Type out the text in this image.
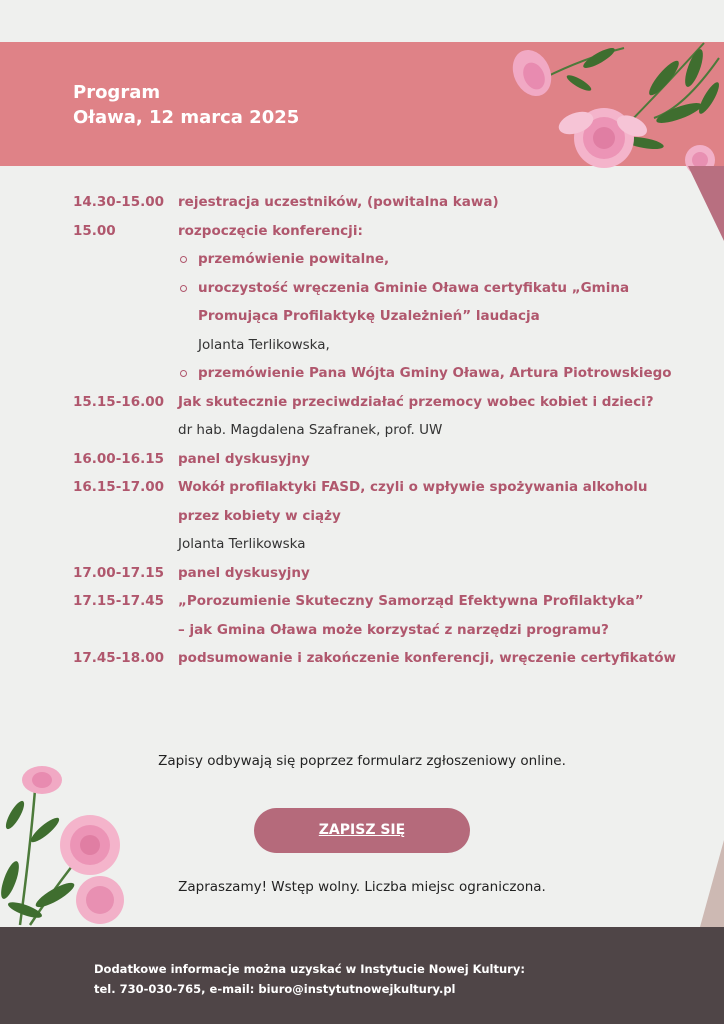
Program
Oława, 12 marca 2025
14.30-15.00	rejestracja uczestników, (powitalna kawa)
15.00	rozpoczęcie konferencji:
przemówienie powitalne,
uroczystość wręczenia Gminie Oława certyfikatu „Gmina
Promująca Profilaktykę Uzależnień” laudacja
Jolanta Terlikowska,
przemówienie Pana Wójta Gminy Oława, Artura Piotrowskiego
15.15-16.00	Jak skutecznie przeciwdziałać przemocy wobec kobiet i dzieci?
dr hab. Magdalena Szafranek, prof. UW
16.00-16.15	panel dyskusyjny
16.15-17.00	Wokół profilaktyki FASD, czyli o wpływie spożywania alkoholu
przez kobiety w ciąży
Jolanta Terlikowska
17.00-17.15	panel dyskusyjny
17.15-17.45	„Porozumienie Skuteczny Samorząd Efektywna Profilaktyka”
– jak Gmina Oława może korzystać z narzędzi programu?
17.45-18.00	podsumowanie i zakończenie konferencji, wręczenie certyfikatów
Zapisy odbywają się poprzez formularz zgłoszeniowy online.
ZAPISZ SIĘ
Zapraszamy! Wstęp wolny. Liczba miejsc ograniczona.
Dodatkowe informacje można uzyskać w Instytucie Nowej Kultury:
tel. 730-030-765, e-mail: biuro@instytutnowejkultury.pl
